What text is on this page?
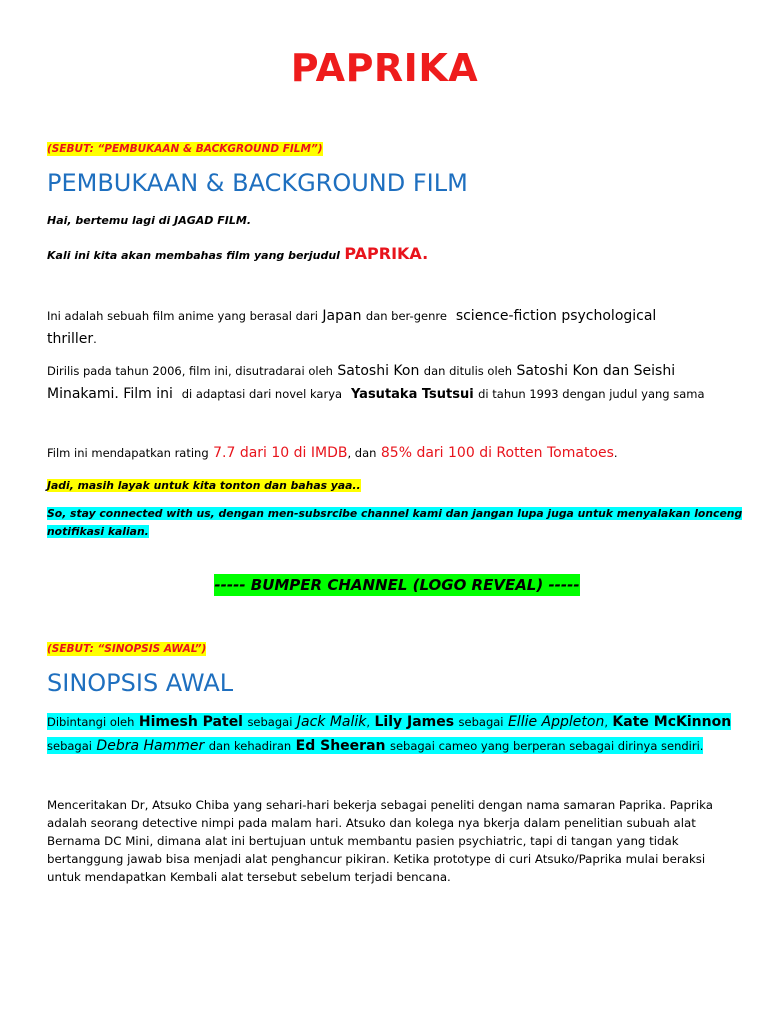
PAPRIKA
(SEBUT: “PEMBUKAAN & BACKGROUND FILM”)
PEMBUKAAN & BACKGROUND FILM
Hai, bertemu lagi di JAGAD FILM.
Kali ini kita akan membahas film yang berjudul PAPRIKA.
Ini adalah sebuah film anime yang berasal dari Japan dan ber-genre science-fiction psychological
thriller.
Dirilis pada tahun 2006, film ini, disutradarai oleh Satoshi Kon dan ditulis oleh Satoshi Kon dan Seishi
Minakami. Film ini di adaptasi dari novel karya Yasutaka Tsutsui di tahun 1993 dengan judul yang sama
Film ini mendapatkan rating 7.7 dari 10 di IMDB, dan 85% dari 100 di Rotten Tomatoes.
Jadi, masih layak untuk kita tonton dan bahas yaa..
So, stay connected with us, dengan men-subsrcibe channel kami dan jangan lupa juga untuk menyalakan lonceng
notifikasi kalian.
----- BUMPER CHANNEL (LOGO REVEAL) -----
(SEBUT: “SINOPSIS AWAL”)
SINOPSIS AWAL
Dibintangi oleh Himesh Patel sebagai Jack Malik, Lily James sebagai Ellie Appleton, Kate McKinnon
sebagai Debra Hammer dan kehadiran Ed Sheeran sebagai cameo yang berperan sebagai dirinya sendiri.
Menceritakan Dr, Atsuko Chiba yang sehari-hari bekerja sebagai peneliti dengan nama samaran Paprika. Paprika adalah seorang detective nimpi pada malam hari. Atsuko dan kolega nya bkerja dalam penelitian subuah alat Bernama DC Mini, dimana alat ini bertujuan untuk membantu pasien psychiatric, tapi di tangan yang tidak bertanggung jawab bisa menjadi alat penghancur pikiran. Ketika prototype di curi Atsuko/Paprika mulai beraksi untuk mendapatkan Kembali alat tersebut sebelum terjadi bencana.
